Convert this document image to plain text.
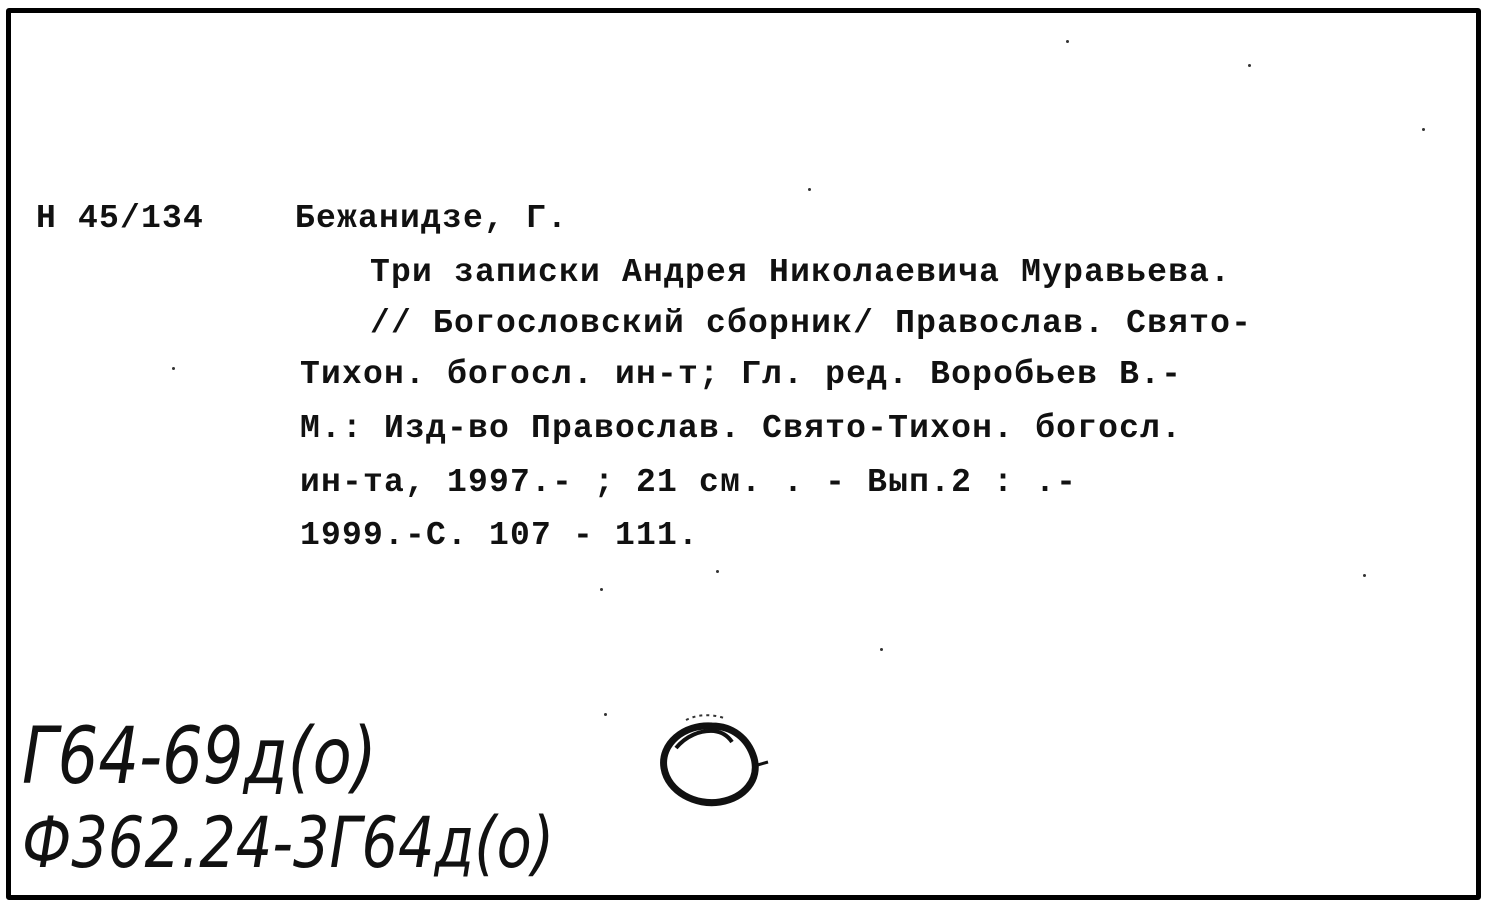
Н 45/134	Бежанидзе, Г.
Три записки Андрея Николаевича Муравьева.
// Богословский сборник/ Православ. Свято-
Тихон. богосл. ин-т; Гл. ред. Воробьев В.-
М.: Изд-во Православ. Свято-Тихон. богосл.
ин-та, 1997.- ; 21 см. . - Вып.2 : .-
1999.-С. 107 - 111.
Г64-69д(о)
Ф362.24-3Г64д(о)
